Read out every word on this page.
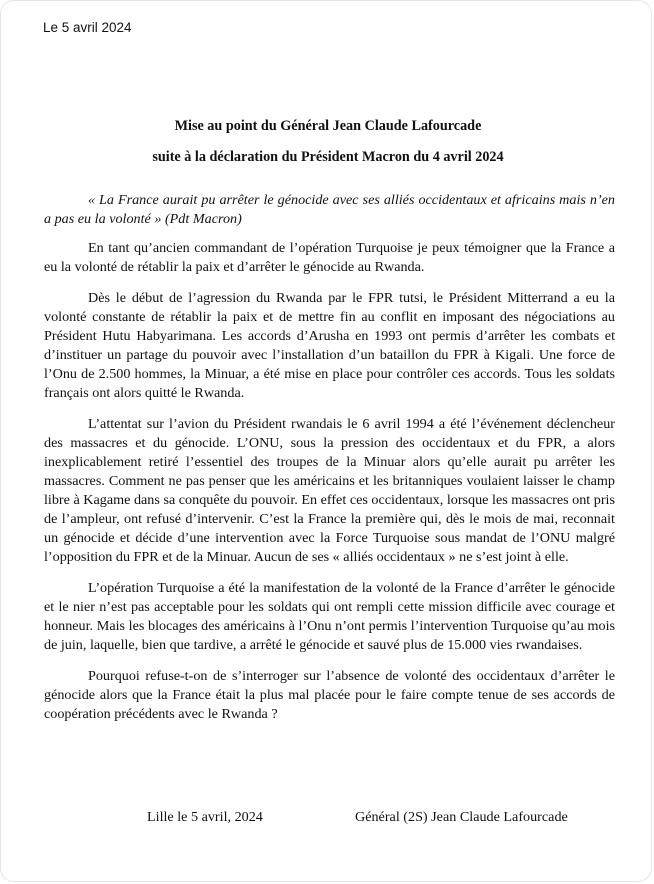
Le 5 avril 2024
Mise au point du Général Jean Claude Lafourcade
suite à la déclaration du Président Macron du 4 avril 2024

« La France aurait pu arrêter le génocide avec ses alliés occidentaux et africains mais n’en a pas eu la volonté » (Pdt Macron)

En tant qu’ancien commandant de l’opération Turquoise je peux témoigner que la France a eu la volonté de rétablir la paix et d’arrêter le génocide au Rwanda.

Dès le début de l’agression du Rwanda par le FPR tutsi, le Président Mitterrand a eu la volonté constante de rétablir la paix et de mettre fin au conflit en imposant des négociations au Président Hutu Habyarimana. Les accords d’Arusha en 1993 ont permis d’arrêter les combats et d’instituer un partage du pouvoir avec l’installation d’un bataillon du FPR à Kigali. Une force de l’Onu de 2.500 hommes, la Minuar, a été mise en place pour contrôler ces accords. Tous les soldats français ont alors quitté le Rwanda.

L’attentat sur l’avion du Président rwandais le 6 avril 1994 a été l’événement déclencheur des massacres et du génocide. L’ONU, sous la pression des occidentaux et du FPR, a alors inexplicablement retiré l’essentiel des troupes de la Minuar alors qu’elle aurait pu arrêter les massacres. Comment ne pas penser que les américains et les britanniques voulaient laisser le champ libre à Kagame dans sa conquête du pouvoir. En effet ces occidentaux, lorsque les massacres ont pris de l’ampleur, ont refusé d’intervenir. C’est la France la première qui, dès le mois de mai, reconnait un génocide et décide d’une intervention avec la Force Turquoise sous mandat de l’ONU malgré l’opposition du FPR et de la Minuar. Aucun de ses « alliés occidentaux » ne s’est joint à elle.

L’opération Turquoise a été la manifestation de la volonté de la France d’arrêter le génocide et le nier n’est pas acceptable pour les soldats qui ont rempli cette mission difficile avec courage et honneur. Mais les blocages des américains à l’Onu n’ont permis l’intervention Turquoise qu’au mois de juin, laquelle, bien que tardive, a arrêté le génocide et sauvé plus de 15.000 vies rwandaises.

Pourquoi refuse-t-on de s’interroger sur l’absence de volonté des occidentaux d’arrêter le génocide alors que la France était la plus mal placée pour le faire compte tenue de ses accords de coopération précédents avec le Rwanda ?

Lille le 5 avril, 2024	Général (2S) Jean Claude Lafourcade
